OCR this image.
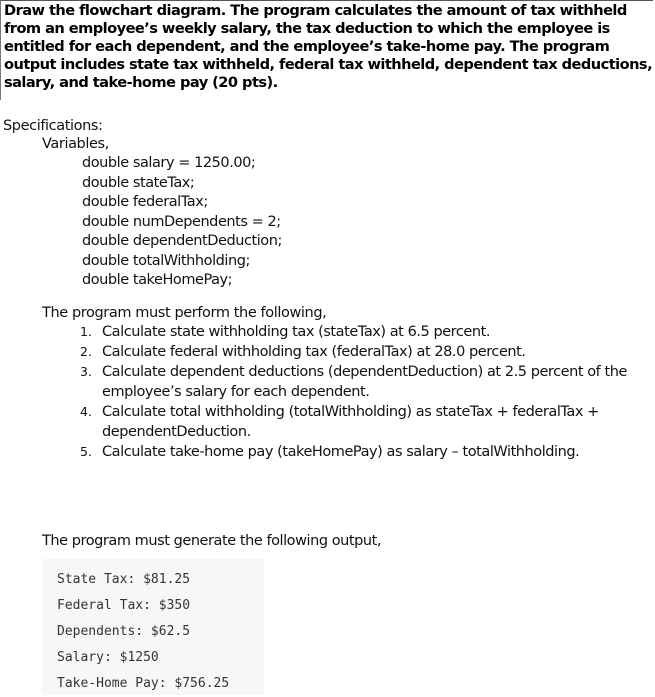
Draw the flowchart diagram. The program calculates the amount of tax withheld from an employee’s weekly salary, the tax deduction to which the employee is entitled for each dependent, and the employee’s take-home pay. The program output includes state tax withheld, federal tax withheld, dependent tax deductions, salary, and take-home pay (20 pts).

Specifications:

Variables,

double salary = 1250.00;
double stateTax;
double federalTax;
double numDependents = 2;
double dependentDeduction;
double totalWithholding;
double takeHomePay;

The program must perform the following,

1. Calculate state withholding tax (stateTax) at 6.5 percent.
2. Calculate federal withholding tax (federalTax) at 28.0 percent.
3. Calculate dependent deductions (dependentDeduction) at 2.5 percent of the employee’s salary for each dependent.
4. Calculate total withholding (totalWithholding) as stateTax + federalTax + dependentDeduction.
5. Calculate take-home pay (takeHomePay) as salary – totalWithholding.

The program must generate the following output,

State Tax: $81.25
Federal Tax: $350
Dependents: $62.5
Salary: $1250
Take-Home Pay: $756.25
